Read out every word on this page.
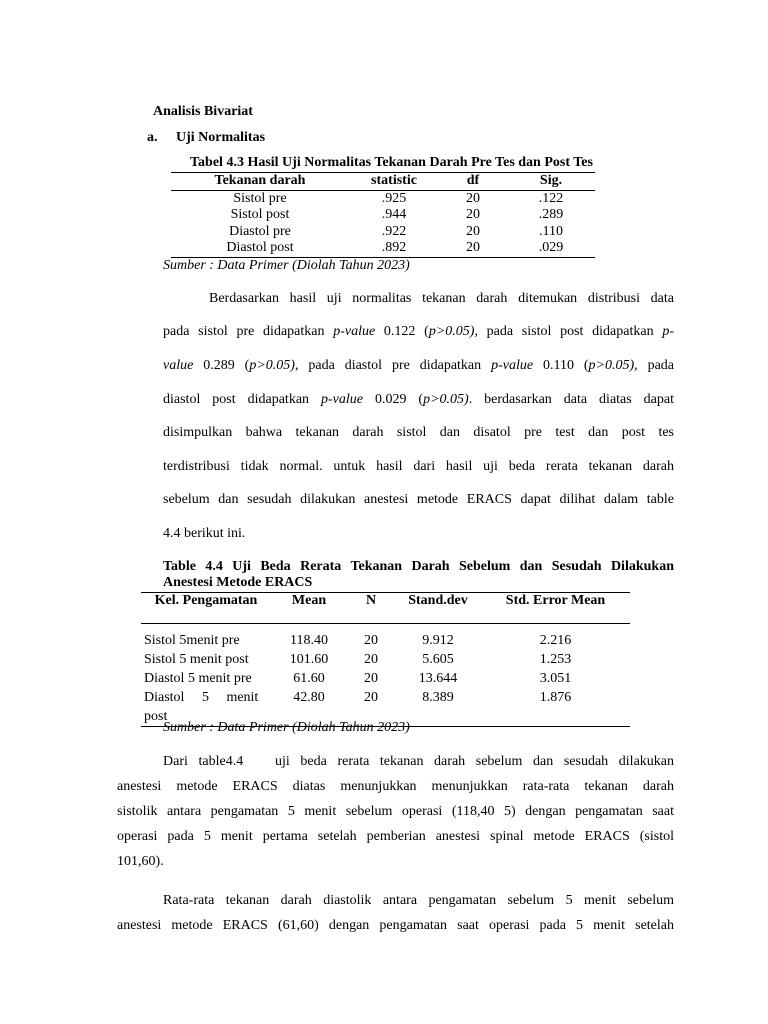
Analisis Bivariat
a. Uji Normalitas
Tabel 4.3 Hasil Uji Normalitas Tekanan Darah Pre Tes dan Post Tes
Tekanan darah	statistic	df	Sig.
Sistol pre	.925	20	.122
Sistol post	.944	20	.289
Diastol pre	.922	20	.110
Diastol post	.892	20	.029
Sumber : Data Primer (Diolah Tahun 2023)
Berdasarkan hasil uji normalitas tekanan darah ditemukan distribusi data
pada sistol pre didapatkan p-value 0.122 (p>0.05), pada sistol post didapatkan p-
value 0.289 (p>0.05), pada diastol pre didapatkan p-value 0.110 (p>0.05), pada
diastol post didapatkan p-value 0.029 (p>0.05). berdasarkan data diatas dapat
disimpulkan bahwa tekanan darah sistol dan disatol pre test dan post tes
terdistribusi tidak normal. untuk hasil dari hasil uji beda rerata tekanan darah
sebelum dan sesudah dilakukan anestesi metode ERACS dapat dilihat dalam table
4.4 berikut ini.
Table 4.4 Uji Beda Rerata Tekanan Darah Sebelum dan Sesudah Dilakukan
Anestesi Metode ERACS
Kel. Pengamatan	Mean	N	Stand.dev	Std. Error Mean
Sistol 5menit pre	118.40	20	9.912	2.216
Sistol 5 menit post	101.60	20	5.605	1.253
Diastol 5 menit pre	61.60	20	13.644	3.051

Diastol     5     menit
post	42.80	20	8.389	1.876
Sumber : Data Primer (Diolah Tahun 2023)
Dari table4.4   uji beda rerata tekanan darah sebelum dan sesudah dilakukan
anestesi metode ERACS diatas menunjukkan menunjukkan rata-rata tekanan darah
sistolik antara pengamatan 5 menit sebelum operasi (118,40 5) dengan pengamatan saat
operasi pada 5 menit pertama setelah pemberian anestesi spinal metode ERACS (sistol
101,60).
Rata-rata tekanan darah diastolik antara pengamatan sebelum 5 menit sebelum
anestesi metode ERACS (61,60) dengan pengamatan saat operasi pada 5 menit setelah
